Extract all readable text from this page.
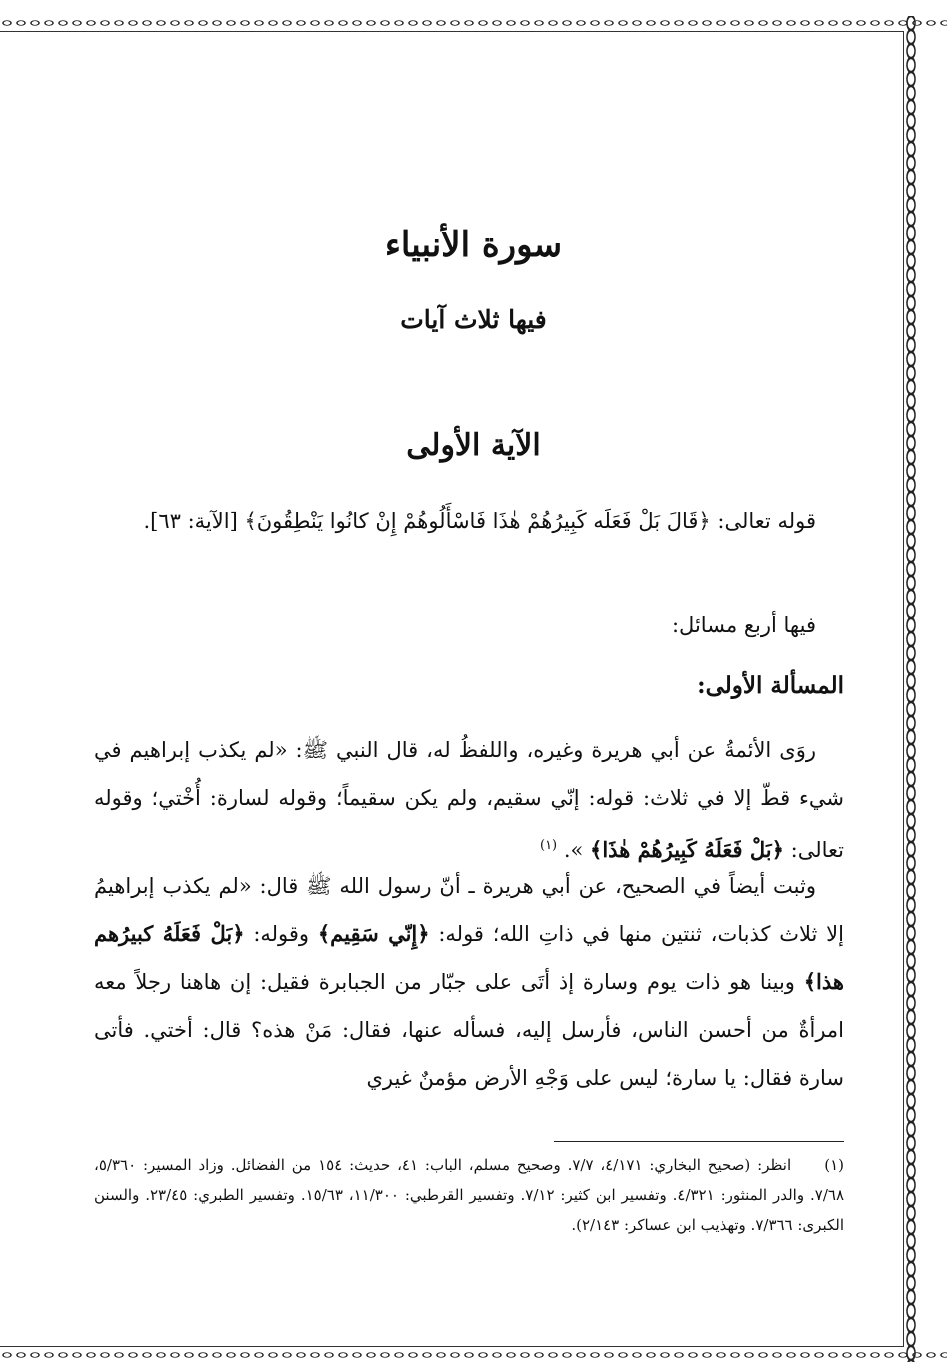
سورة الأنبياء
فيها ثلاث آيات
الآية الأولى
قوله تعالى: ﴿قَالَ بَلْ فَعَلَه كَبِيرُهُمْ هٰذَا فَاسْأَلُوهُمْ إِنْ كانُوا يَنْطِقُونَ﴾ [الآية: ٦٣].
فيها أربع مسائل:
المسألة الأولى:
روَى الأئمةُ عن أبي هريرة وغيره، واللفظُ له، قال النبي ﷺ: «لم يكذب إبراهيم في شيء قطّ إلا في ثلاث: قوله: إنّي سقيم، ولم يكن سقيماً؛ وقوله لسارة: أُخْتي؛ وقوله تعالى: ﴿بَلْ فَعَلَهُ كَبِيرُهُمْ هٰذَا﴾ ». $^{(١)}$
وثبت أيضاً في الصحيح، عن أبي هريرة ـ أنّ رسول الله ﷺ قال: «لم يكذب إبراهيمُ إلا ثلاث كذبات، ثنتين منها في ذاتِ الله؛ قوله: ﴿إِنّي سَقِيم﴾ وقوله: ﴿بَلْ فَعَلَهُ كبيرُهم هذا﴾ وبينا هو ذات يوم وسارة إذ أتَى على جبّار من الجبابرة فقيل: إن هاهنا رجلاً معه امرأةٌ من أحسن الناس، فأرسل إليه، فسأله عنها، فقال: مَنْ هذه؟ قال: أختي. فأتى سارة فقال: يا سارة؛ ليس على وَجْهِ الأرض مؤمنٌ غيري
(١) انظر: (صحيح البخاري: ٤/١٧١، ٧/٧. وصحيح مسلم، الباب: ٤١، حديث: ١٥٤ من الفضائل. وزاد المسير: ٥/٣٦٠، ٧/٦٨. والدر المنثور: ٤/٣٢١. وتفسير ابن كثير: ٧/١٢. وتفسير القرطبي: ١١/٣٠٠، ١٥/٦٣. وتفسير الطبري: ٢٣/٤٥. والسنن الكبرى: ٧/٣٦٦. وتهذيب ابن عساكر: ٢/١٤٣).
